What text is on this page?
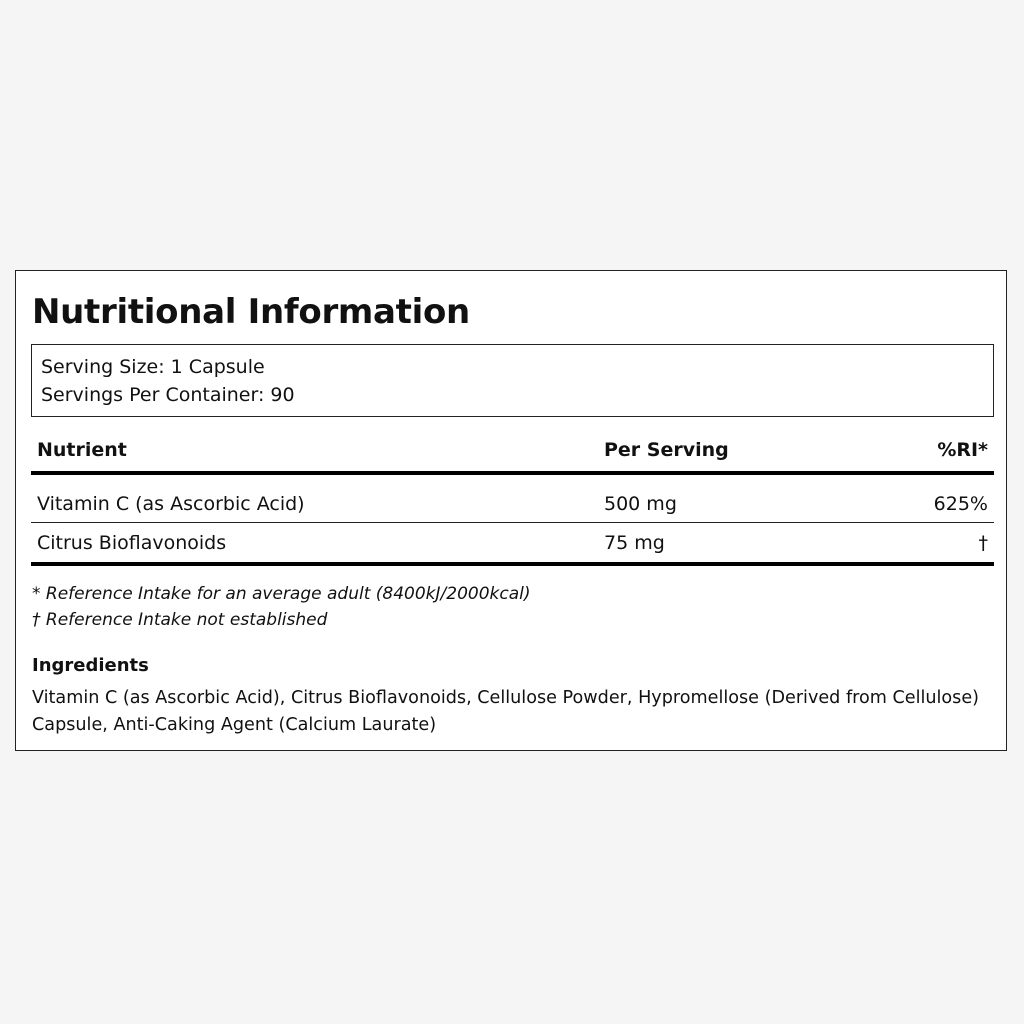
Nutritional Information
Serving Size: 1 Capsule
Servings Per Container: 90
Nutrient	Per Serving	%RI*
Vitamin C (as Ascorbic Acid)	500 mg	625%
Citrus Bioflavonoids	75 mg	†
* Reference Intake for an average adult (8400kJ/2000kcal)
† Reference Intake not established
Ingredients
Vitamin C (as Ascorbic Acid), Citrus Bioflavonoids, Cellulose Powder, Hypromellose (Derived from Cellulose) Capsule, Anti-Caking Agent (Calcium Laurate)
